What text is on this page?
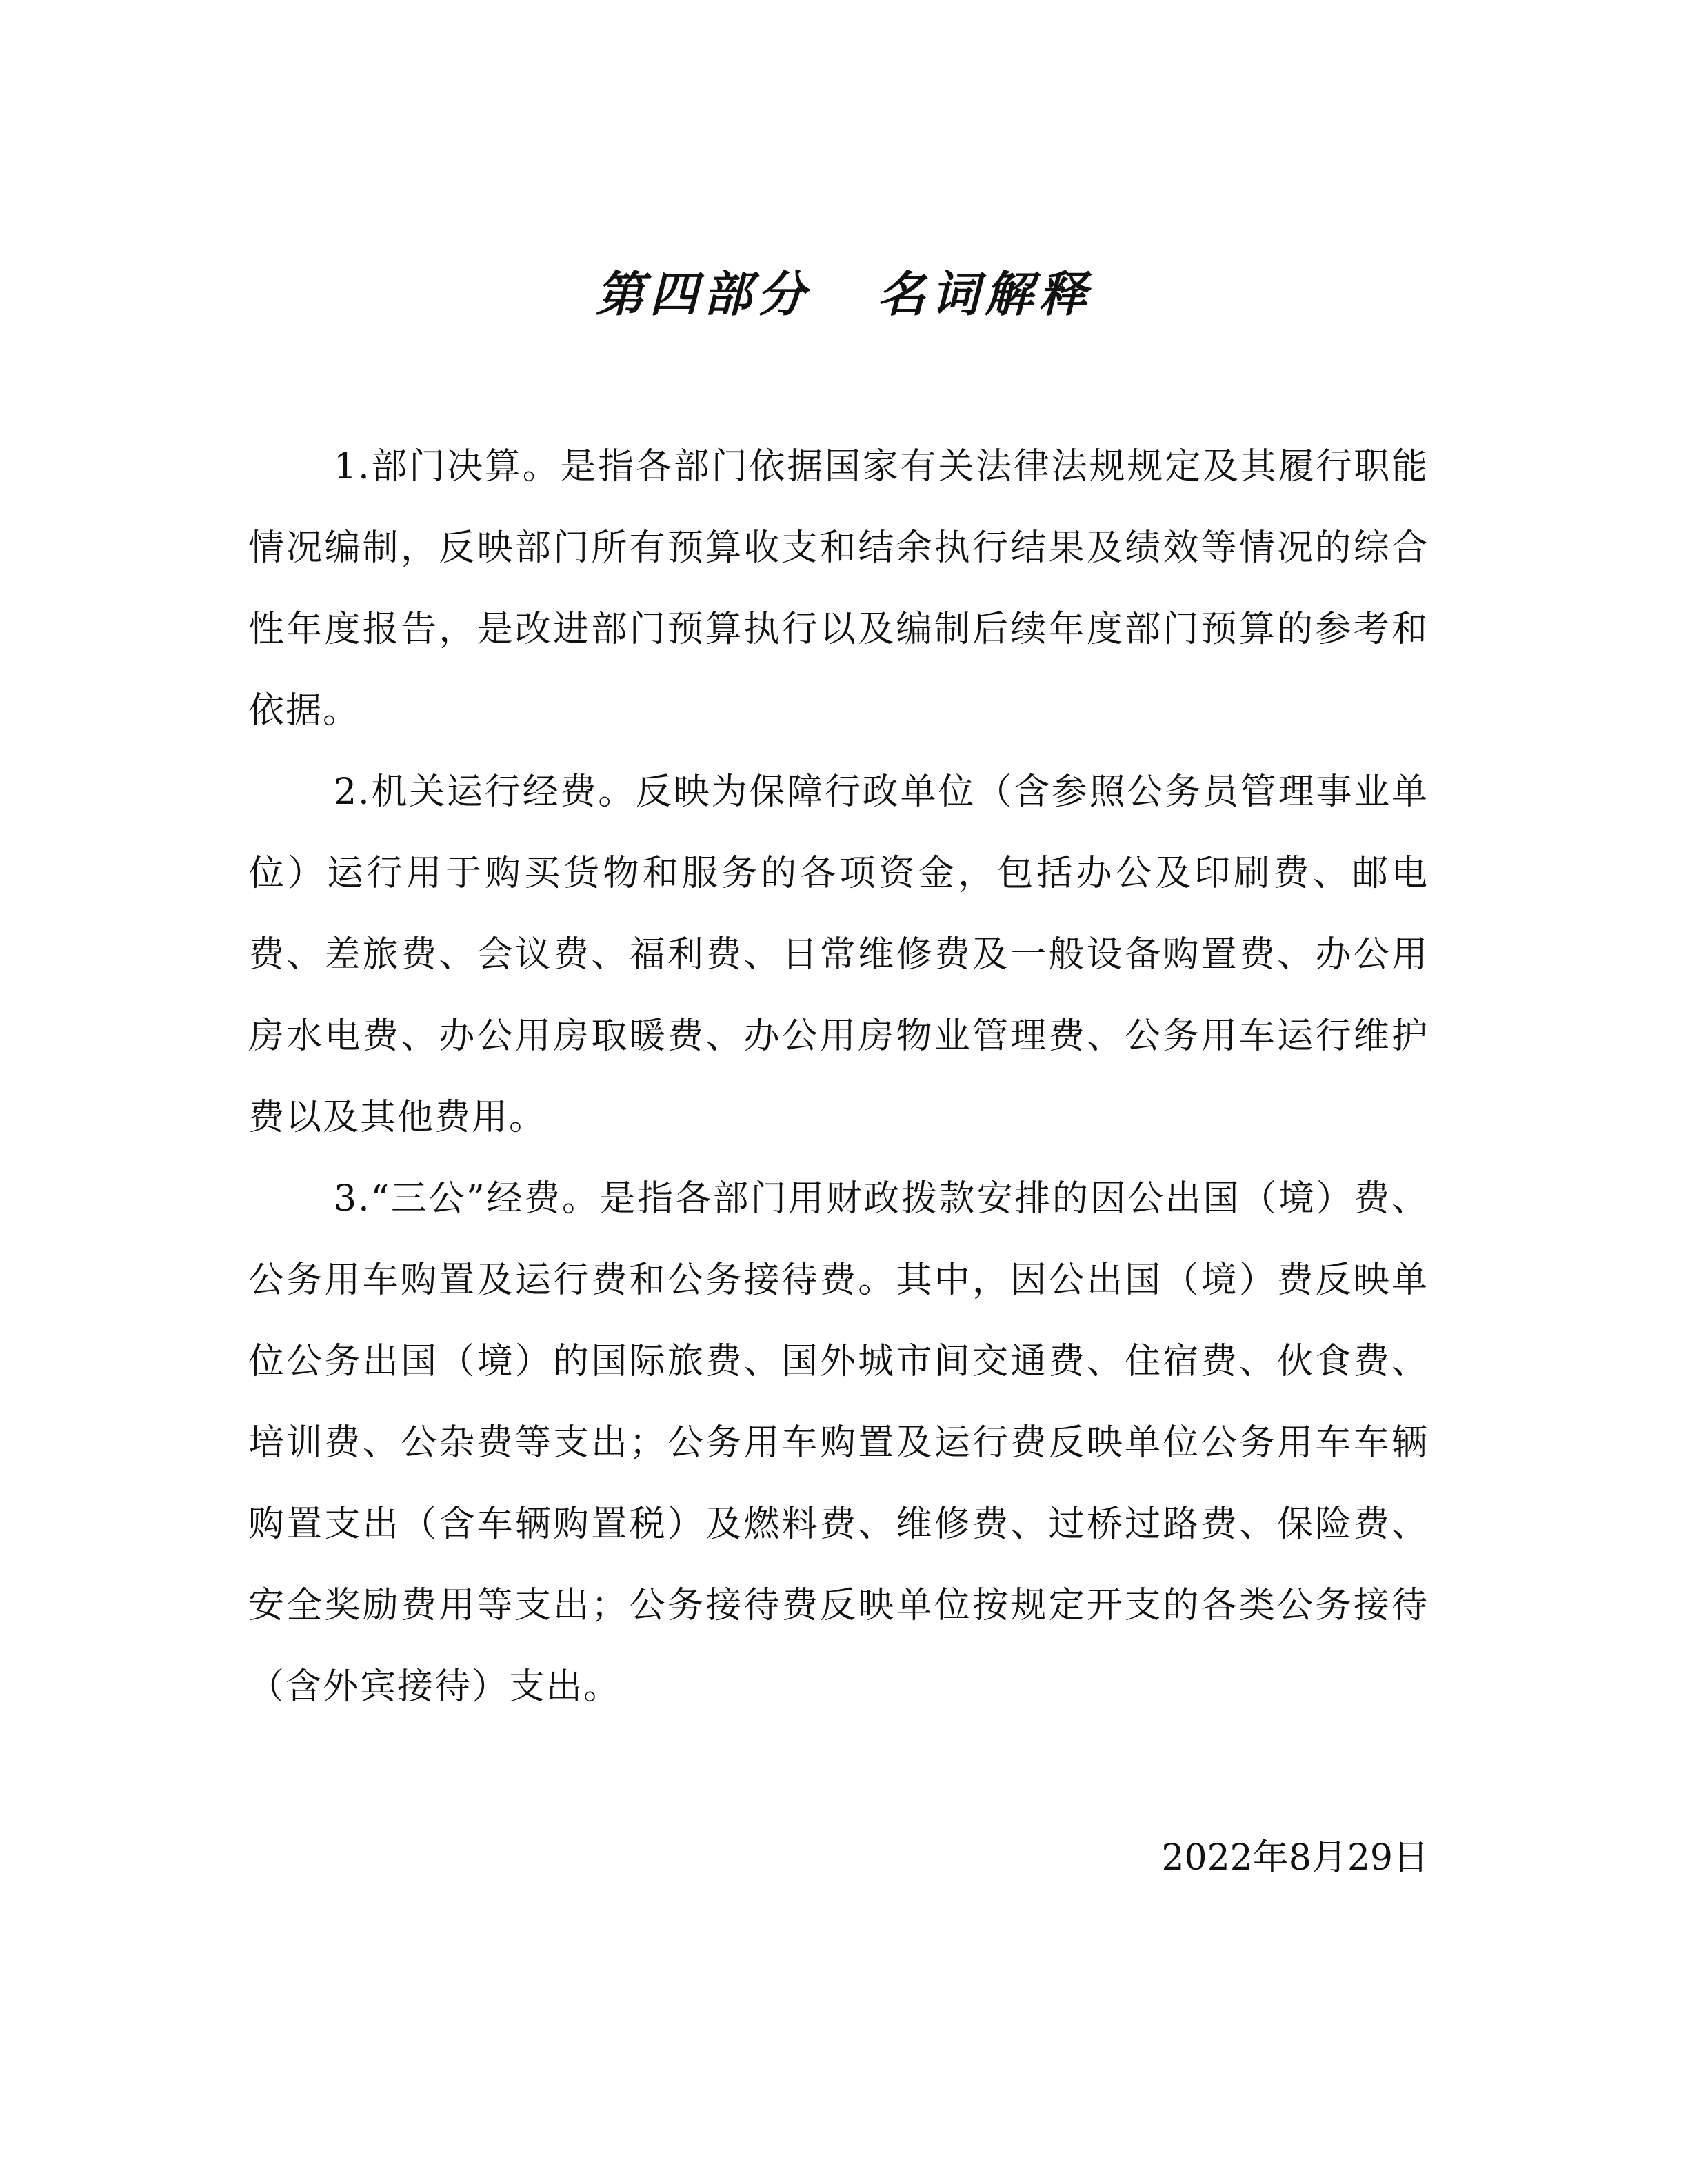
第四部分 名词解释

1.部门决算。是指各部门依据国家有关法律法规规定及其履行职能情况编制，反映部门所有预算收支和结余执行结果及绩效等情况的综合性年度报告，是改进部门预算执行以及编制后续年度部门预算的参考和依据。

2.机关运行经费。反映为保障行政单位（含参照公务员管理事业单位）运行用于购买货物和服务的各项资金，包括办公及印刷费、邮电费、差旅费、会议费、福利费、日常维修费及一般设备购置费、办公用房水电费、办公用房取暖费、办公用房物业管理费、公务用车运行维护费以及其他费用。

3.“三公”经费。是指各部门用财政拨款安排的因公出国（境）费、公务用车购置及运行费和公务接待费。其中，因公出国（境）费反映单位公务出国（境）的国际旅费、国外城市间交通费、住宿费、伙食费、培训费、公杂费等支出；公务用车购置及运行费反映单位公务用车车辆购置支出（含车辆购置税）及燃料费、维修费、过桥过路费、保险费、安全奖励费用等支出；公务接待费反映单位按规定开支的各类公务接待（含外宾接待）支出。

2022年8月29日
